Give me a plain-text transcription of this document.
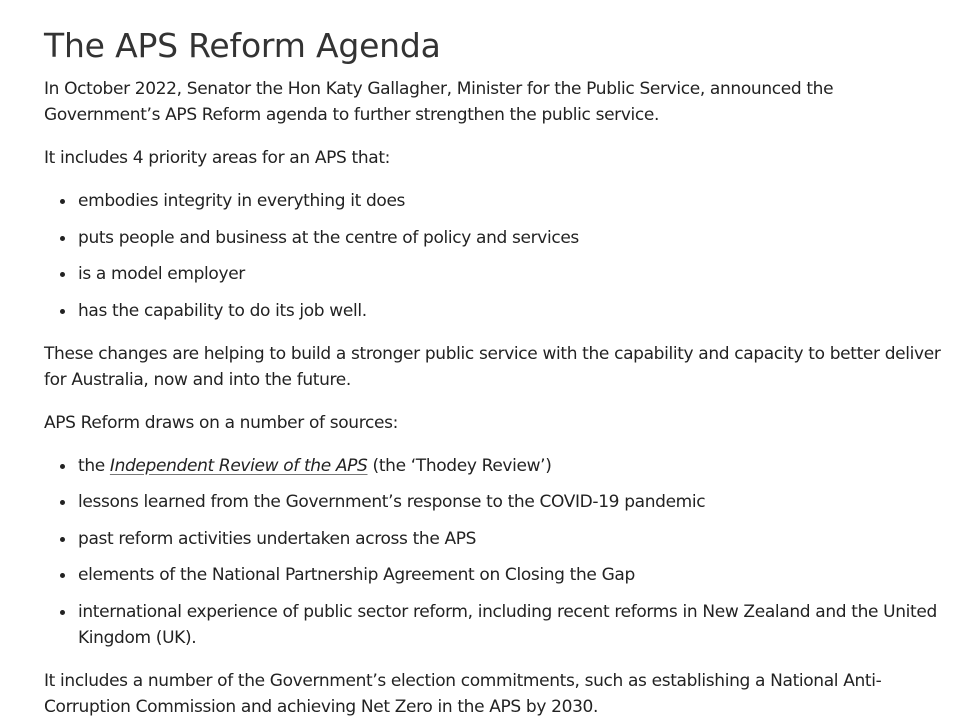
The APS Reform Agenda

In October 2022, Senator the Hon Katy Gallagher, Minister for the Public Service, announced the Government’s APS Reform agenda to further strengthen the public service.

It includes 4 priority areas for an APS that:

embodies integrity in everything it does
puts people and business at the centre of policy and services
is a model employer
has the capability to do its job well.

These changes are helping to build a stronger public service with the capability and capacity to better deliver for Australia, now and into the future.

APS Reform draws on a number of sources:

the Independent Review of the APS (the ‘Thodey Review’)
lessons learned from the Government’s response to the COVID-19 pandemic
past reform activities undertaken across the APS
elements of the National Partnership Agreement on Closing the Gap
international experience of public sector reform, including recent reforms in New Zealand and the United Kingdom (UK).

It includes a number of the Government’s election commitments, such as establishing a National Anti-Corruption Commission and achieving Net Zero in the APS by 2030.
